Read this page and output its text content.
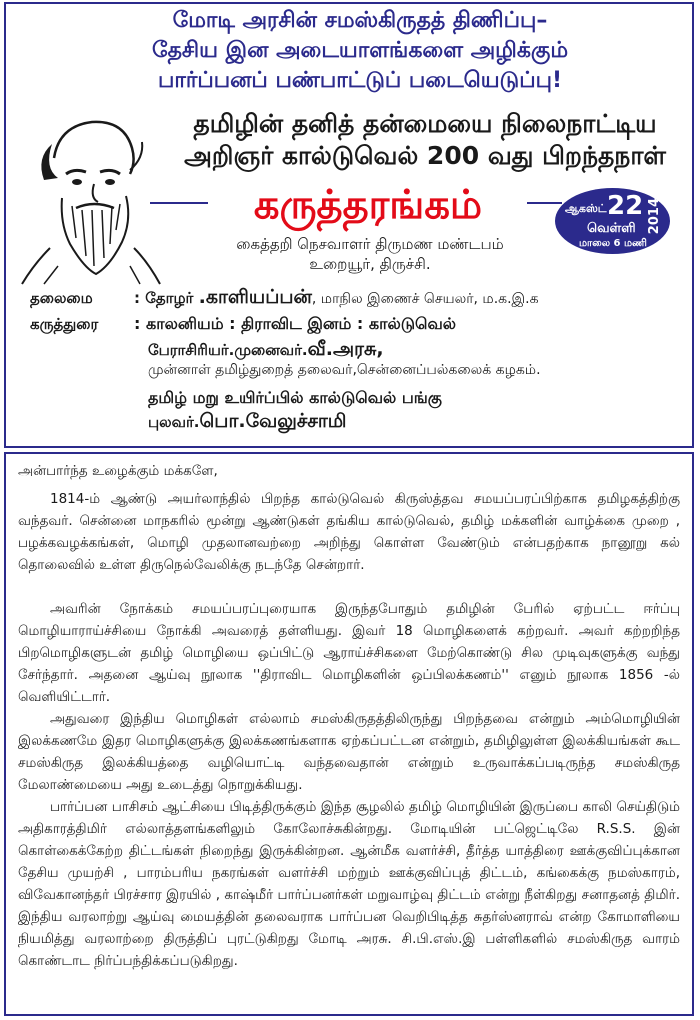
மோடி அரசின் சமஸ்கிருதத் திணிப்பு–
தேசிய இன அடையாளங்களை அழிக்கும்
பார்ப்பனப் பண்பாட்டுப் படையெடுப்பு!
தமிழின் தனித் தன்மையை நிலைநாட்டிய
அறிஞர் கால்டுவெல் 200 வது பிறந்தநாள்
கருத்தரங்கம்	ஆகஸ்ட் 22 2014
வெள்ளி
மாலை 6 மணி
கைத்தறி நெசவாளர் திருமண மண்டபம்
உறையூர், திருச்சி.
தலைமை	: தோழர் .காளியப்பன், மாநில இணைச் செயலர், ம.க.இ.க
கருத்துரை : காலனியம் : திராவிட இனம் : கால்டுவெல்
பேராசிரியர்.முனைவர்.வீ.அரசு,
முன்னாள் தமிழ்துறைத் தலைவர்,சென்னைப்பல்கலைக் கழகம்.
தமிழ் மறு உயிர்ப்பில் கால்டுவெல் பங்கு
புலவர்.பொ.வேலுச்சாமி
அன்பார்ந்த உழைக்கும் மக்களே,

1814-ம் ஆண்டு அயர்லாந்தில் பிறந்த கால்டுவெல் கிருஸ்த்தவ சமயப்பரப்பிற்காக தமிழகத்திற்கு வந்தவர். சென்னை மாநகரில் மூன்று ஆண்டுகள் தங்கிய கால்டுவெல், தமிழ் மக்களின் வாழ்க்கை முறை , பழக்கவழக்கங்கள், மொழி முதலானவற்றை அறிந்து கொள்ள வேண்டும் என்பதற்காக நானூறு கல் தொலைவில் உள்ள திருநெல்வேலிக்கு நடந்தே சென்றார்.

அவரின் நோக்கம் சமயப்பரப்புரையாக இருந்தபோதும் தமிழின் பேரில் ஏற்பட்ட ஈர்ப்பு மொழியாராய்ச்சியை நோக்கி அவரைத் தள்ளியது. இவர் 18 மொழிகளைக் கற்றவர். அவர் கற்றறிந்த பிறமொழிகளுடன் தமிழ் மொழியை ஒப்பிட்டு ஆராய்ச்சிகளை மேற்கொண்டு சில முடிவுகளுக்கு வந்து சேர்ந்தார். அதனை ஆய்வு நூலாக ''திராவிட மொழிகளின் ஒப்பிலக்கணம்'' எனும் நூலாக 1856 -ல் வெளியிட்டார்.

அதுவரை இந்திய மொழிகள் எல்லாம் சமஸ்கிருதத்திலிருந்து பிறந்தவை என்றும் அம்மொழியின் இலக்கணமே இதர மொழிகளுக்கு இலக்கணங்களாக ஏற்கப்பட்டன என்றும், தமிழிலுள்ள இலக்கியங்கள் கூட சமஸ்கிருத இலக்கியத்தை வழியொட்டி வந்தவைதான் என்றும் உருவாக்கப்படிருந்த சமஸ்கிருத மேலாண்மையை அது உடைத்து நொறுக்கியது.

பார்ப்பன பாசிசம் ஆட்சியை பிடித்திருக்கும் இந்த சூழலில் தமிழ் மொழியின் இருப்பை காலி செய்திடும் அதிகாரத்திமிர் எல்லாத்தளங்களிலும் கோலோச்சுகின்றது. மோடியின் பட்ஜெட்டிலே R.S.S. இன் கொள்கைக்கேற்ற திட்டங்கள் நிறைந்து இருக்கின்றன. ஆன்மீக வளர்ச்சி, தீர்த்த யாத்திரை ஊக்குவிப்புக்கான தேசிய முயற்சி , பாரம்பரிய நகரங்கள் வளர்ச்சி மற்றும் ஊக்குவிப்புத் திட்டம், கங்கைக்கு நமஸ்காரம், விவேகானந்தர் பிரச்சார இரயில் , காஷ்மீர் பார்ப்பனர்கள் மறுவாழ்வு திட்டம் என்று நீள்கிறது சனாதனத் திமிர். இந்திய வரலாற்று ஆய்வு மையத்தின் தலைவராக பார்ப்பன வெறிபிடித்த சுதர்ஸ்னராவ் என்ற கோமாளியை நியமித்து வரலாற்றை திருத்திப் புரட்டுகிறது மோடி அரசு. சி.பி.எஸ்.இ பள்ளிகளில் சமஸ்கிருத வாரம் கொண்டாட நிர்ப்பந்திக்கப்படுகிறது.
